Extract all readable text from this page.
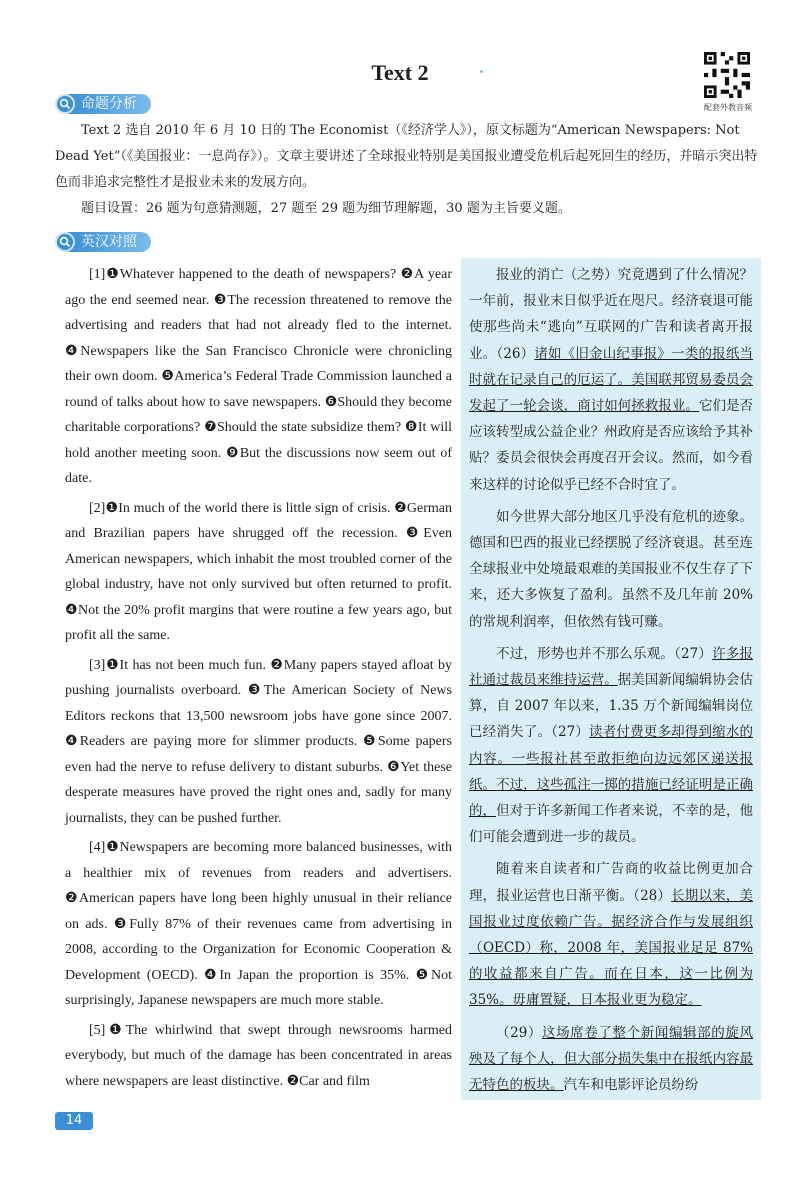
Text 2
配套外教音频
命题分析

Text 2 选自 2010 年 6 月 10 日的 The Economist（《经济学人》），原文标题为“American Newspapers: Not Dead Yet”（《美国报业：一息尚存》）。文章主要讲述了全球报业特别是美国报业遭受危机后起死回生的经历，并暗示突出特色而非追求完整性才是报业未来的发展方向。

题目设置：26 题为句意猜测题，27 题至 29 题为细节理解题，30 题为主旨要义题。

英汉对照

[1]❶Whatever happened to the death of newspapers? ❷A year ago the end seemed near. ❸The recession threatened to remove the advertising and readers that had not already fled to the internet. ❹Newspapers like the San Francisco Chronicle were chronicling their own doom. ❺America’s Federal Trade Commission launched a round of talks about how to save newspapers. ❻Should they become charitable corporations? ❼Should the state subsidize them? ❽It will hold another meeting soon. ❾But the discussions now seem out of date.

[2]❶In much of the world there is little sign of crisis. ❷German and Brazilian papers have shrugged off the recession. ❸Even American newspapers, which inhabit the most troubled corner of the global industry, have not only survived but often returned to profit. ❹Not the 20% profit margins that were routine a few years ago, but profit all the same.

[3]❶It has not been much fun. ❷Many papers stayed afloat by pushing journalists overboard. ❸The American Society of News Editors reckons that 13,500 newsroom jobs have gone since 2007. ❹Readers are paying more for slimmer products. ❺Some papers even had the nerve to refuse delivery to distant suburbs. ❻Yet these desperate measures have proved the right ones and, sadly for many journalists, they can be pushed further.

[4]❶Newspapers are becoming more balanced businesses, with a healthier mix of revenues from readers and advertisers. ❷American papers have long been highly unusual in their reliance on ads. ❸Fully 87% of their revenues came from advertising in 2008, according to the Organization for Economic Cooperation & Development (OECD). ❹In Japan the proportion is 35%. ❺Not surprisingly, Japanese newspapers are much more stable.

[5]❶The whirlwind that swept through newsrooms harmed everybody, but much of the damage has been concentrated in areas where newspapers are least distinctive. ❷Car and film

报业的消亡（之势）究竟遇到了什么情况？一年前，报业末日似乎近在咫尺。经济衰退可能使那些尚未“逃向”互联网的广告和读者离开报业。（26）诸如《旧金山纪事报》一类的报纸当时就在记录自己的厄运了。美国联邦贸易委员会发起了一轮会谈，商讨如何拯救报业。它们是否应该转型成公益企业？州政府是否应该给予其补贴？委员会很快会再度召开会议。然而，如今看来这样的讨论似乎已经不合时宜了。

如今世界大部分地区几乎没有危机的迹象。德国和巴西的报业已经摆脱了经济衰退。甚至连全球报业中处境最艰难的美国报业不仅生存了下来，还大多恢复了盈利。虽然不及几年前 20% 的常规利润率，但依然有钱可赚。

不过，形势也并不那么乐观。（27）许多报社通过裁员来维持运营。据美国新闻编辑协会估算，自 2007 年以来，1.35 万个新闻编辑岗位已经消失了。（27）读者付费更多却得到缩水的内容。一些报社甚至敢拒绝向边远郊区递送报纸。不过，这些孤注一掷的措施已经证明是正确的，但对于许多新闻工作者来说，不幸的是，他们可能会遭到进一步的裁员。

随着来自读者和广告商的收益比例更加合理，报业运营也日渐平衡。（28）长期以来，美国报业过度依赖广告。据经济合作与发展组织（OECD）称，2008 年，美国报业足足 87% 的收益都来自广告。而在日本，这一比例为 35%。毋庸置疑，日本报业更为稳定。

（29）这场席卷了整个新闻编辑部的旋风殃及了每个人，但大部分损失集中在报纸内容最无特色的板块。汽车和电影评论员纷纷

14
